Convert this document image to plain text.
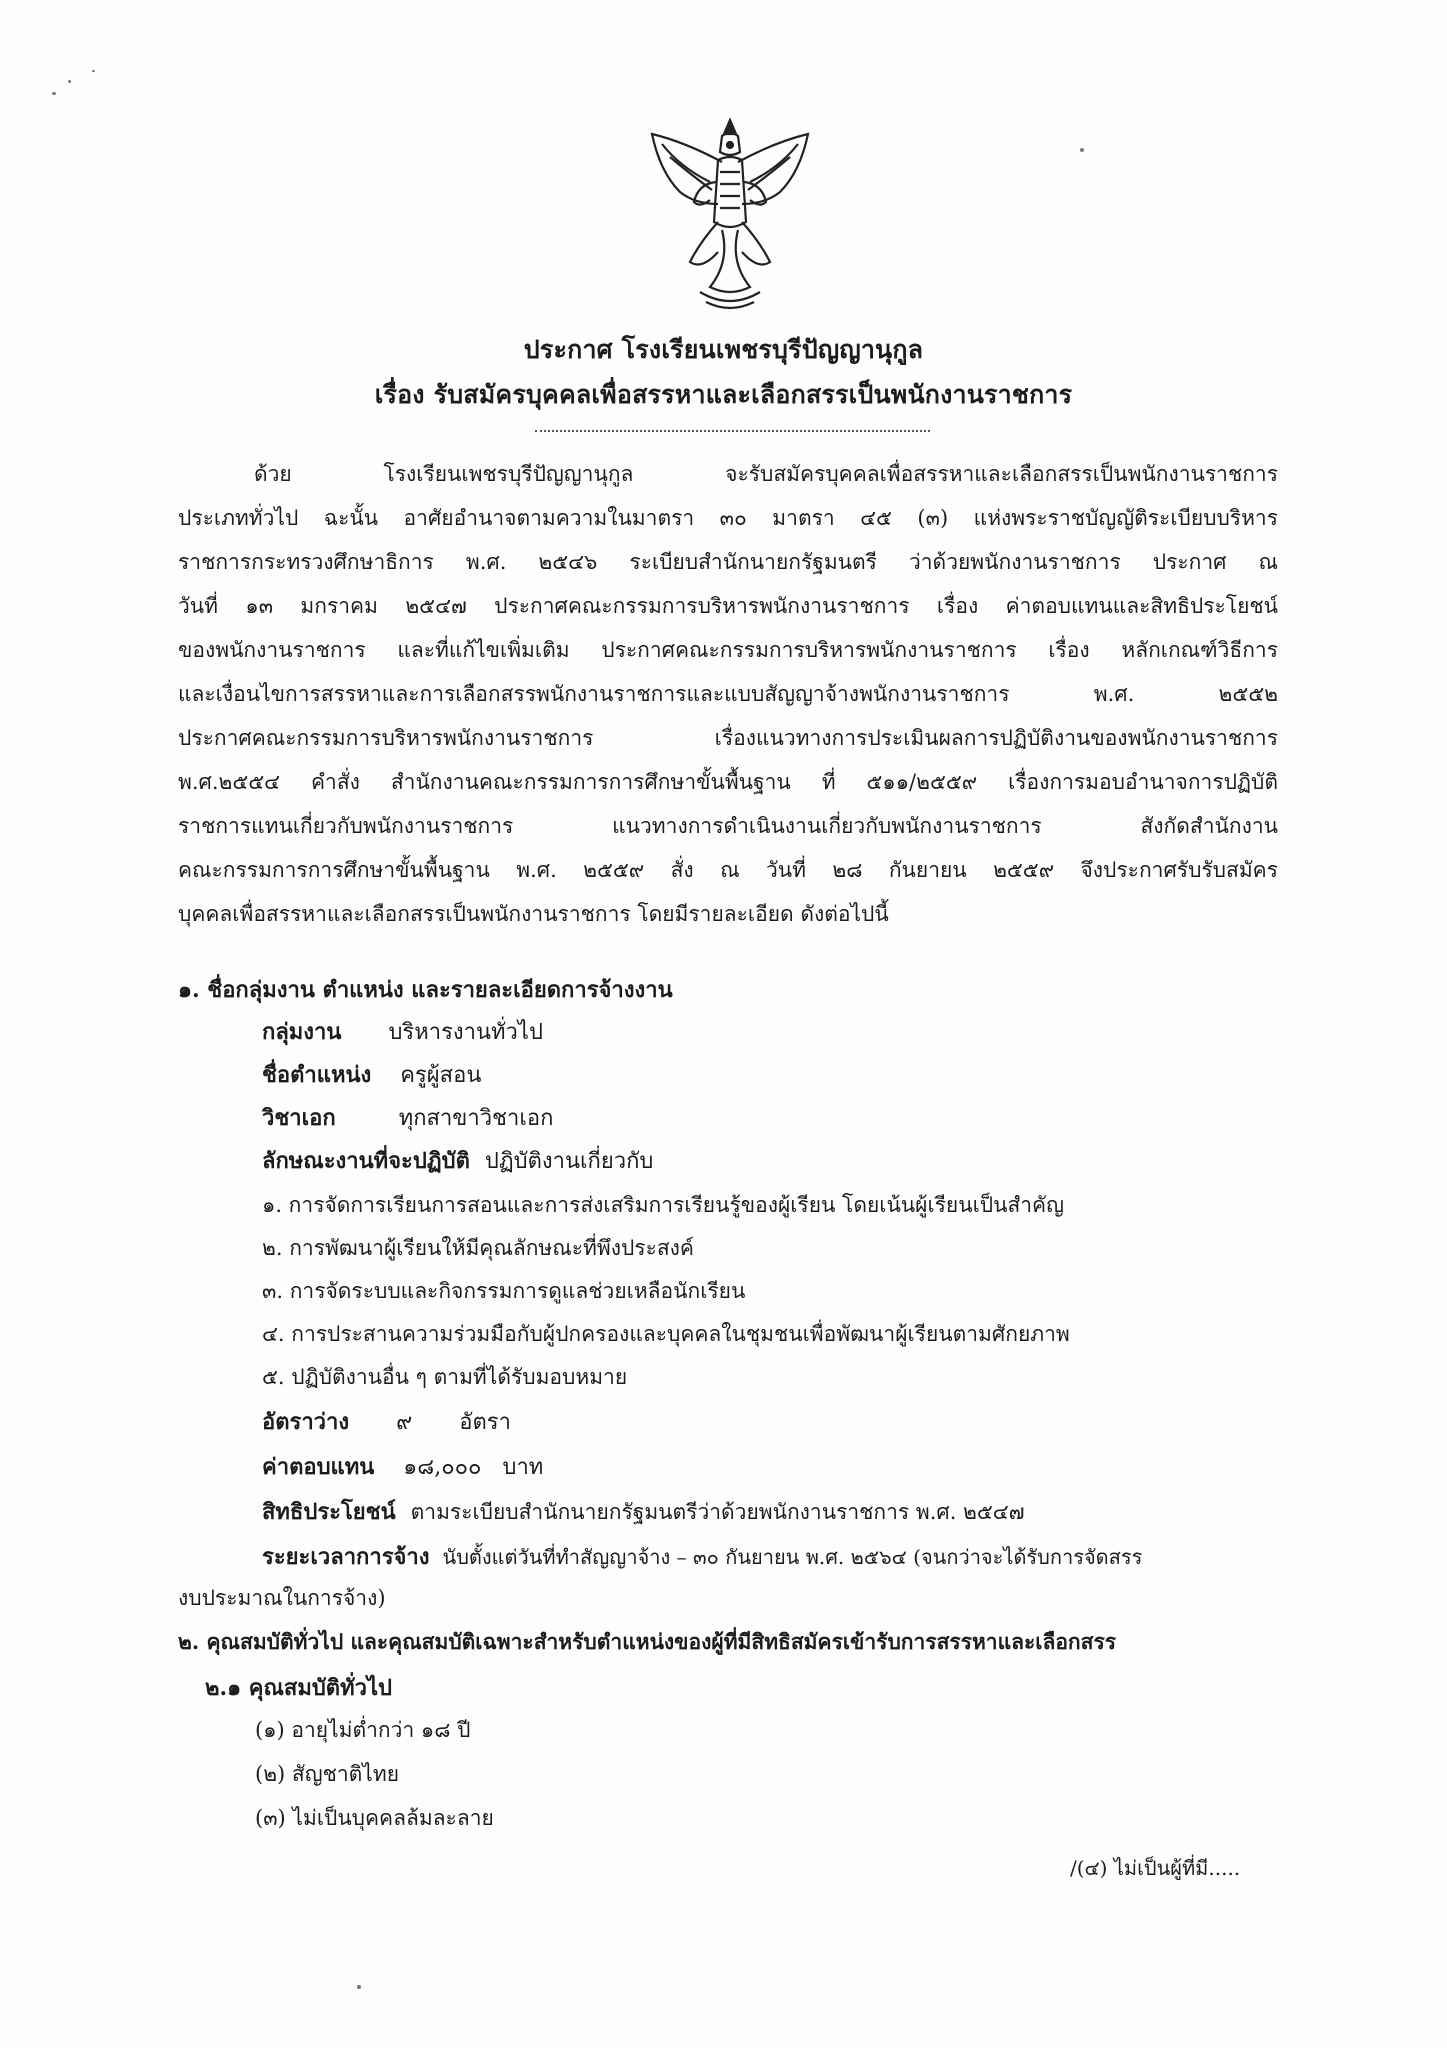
ประกาศ โรงเรียนเพชรบุรีปัญญานุกูล
เรื่อง รับสมัครบุคคลเพื่อสรรหาและเลือกสรรเป็นพนักงานราชการ
ด้วย โรงเรียนเพชรบุรีปัญญานุกูล จะรับสมัครบุคคลเพื่อสรรหาและเลือกสรรเป็นพนักงานราชการ
ประเภททั่วไป ฉะนั้น อาศัยอำนาจตามความในมาตรา ๓๐ มาตรา ๔๕ (๓) แห่งพระราชบัญญัติระเบียบบริหาร
ราชการกระทรวงศึกษาธิการ พ.ศ. ๒๕๔๖ ระเบียบสำนักนายกรัฐมนตรี ว่าด้วยพนักงานราชการ ประกาศ ณ
วันที่ ๑๓ มกราคม ๒๕๔๗ ประกาศคณะกรรมการบริหารพนักงานราชการ เรื่อง ค่าตอบแทนและสิทธิประโยชน์
ของพนักงานราชการ และที่แก้ไขเพิ่มเติม ประกาศคณะกรรมการบริหารพนักงานราชการ เรื่อง หลักเกณฑ์วิธีการ
และเงื่อนไขการสรรหาและการเลือกสรรพนักงานราชการและแบบสัญญาจ้างพนักงานราชการ พ.ศ. ๒๕๕๒
ประกาศคณะกรรมการบริหารพนักงานราชการ เรื่องแนวทางการประเมินผลการปฏิบัติงานของพนักงานราชการ
พ.ศ.๒๕๕๔ คำสั่ง สำนักงานคณะกรรมการการศึกษาขั้นพื้นฐาน ที่ ๕๑๑/๒๕๕๙ เรื่องการมอบอำนาจการปฏิบัติ
ราชการแทนเกี่ยวกับพนักงานราชการ แนวทางการดำเนินงานเกี่ยวกับพนักงานราชการ สังกัดสำนักงาน
คณะกรรมการการศึกษาขั้นพื้นฐาน พ.ศ. ๒๕๕๙ สั่ง ณ วันที่ ๒๘ กันยายน ๒๕๕๙ จึงประกาศรับรับสมัคร
บุคคลเพื่อสรรหาและเลือกสรรเป็นพนักงานราชการ โดยมีรายละเอียด ดังต่อไปนี้
๑. ชื่อกลุ่มงาน ตำแหน่ง และรายละเอียดการจ้างงาน
กลุ่มงาน บริหารงานทั่วไป
ชื่อตำแหน่ง ครูผู้สอน
วิชาเอก	ทุกสาขาวิชาเอก
ลักษณะงานที่จะปฏิบัติ ปฏิบัติงานเกี่ยวกับ
๑. การจัดการเรียนการสอนและการส่งเสริมการเรียนรู้ของผู้เรียน โดยเน้นผู้เรียนเป็นสำคัญ
๒. การพัฒนาผู้เรียนให้มีคุณลักษณะที่พึงประสงค์
๓. การจัดระบบและกิจกรรมการดูแลช่วยเหลือนักเรียน
๔. การประสานความร่วมมือกับผู้ปกครองและบุคคลในชุมชนเพื่อพัฒนาผู้เรียนตามศักยภาพ
๕. ปฏิบัติงานอื่น ๆ ตามที่ได้รับมอบหมาย
อัตราว่าง ๙ อัตรา
ค่าตอบแทน ๑๘,๐๐๐ บาท
สิทธิประโยชน์ ตามระเบียบสำนักนายกรัฐมนตรีว่าด้วยพนักงานราชการ พ.ศ. ๒๕๔๗
ระยะเวลาการจ้าง นับตั้งแต่วันที่ทำสัญญาจ้าง – ๓๐ กันยายน พ.ศ. ๒๕๖๔ (จนกว่าจะได้รับการจัดสรร
งบประมาณในการจ้าง)
๒. คุณสมบัติทั่วไป และคุณสมบัติเฉพาะสำหรับตำแหน่งของผู้ที่มีสิทธิสมัครเข้ารับการสรรหาและเลือกสรร
๒.๑ คุณสมบัติทั่วไป
(๑) อายุไม่ต่ำกว่า ๑๘ ปี
(๒) สัญชาติไทย
(๓) ไม่เป็นบุคคลล้มละลาย
/(๔) ไม่เป็นผู้ที่มี.....
